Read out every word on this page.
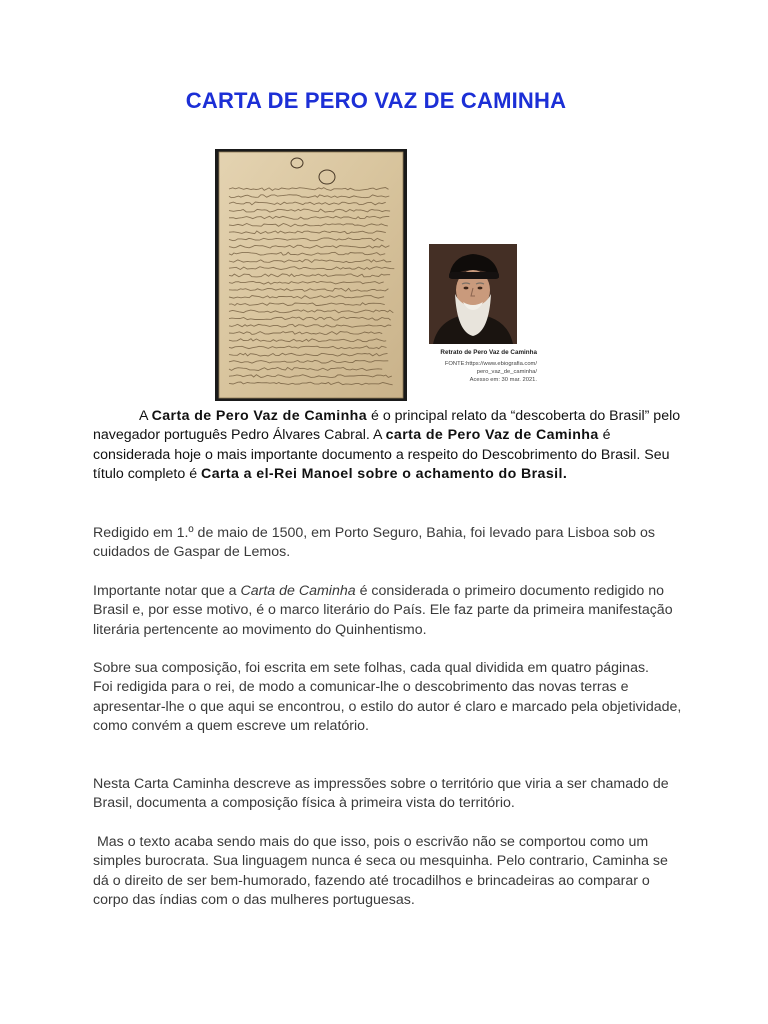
CARTA DE PERO VAZ DE CAMINHA
Retrato de Pero Vaz de Caminha
FONTE:https://www.ebiografia.com/
pero_vaz_de_caminha/
Acesso em: 30 mar. 2021.

A Carta de Pero Vaz de Caminha é o principal relato da “descoberta do Brasil” pelo navegador português Pedro Álvares Cabral. A carta de Pero Vaz de Caminha é considerada hoje o mais importante documento a respeito do Descobrimento do Brasil. Seu título completo é Carta a el-Rei Manoel sobre o achamento do Brasil.

Redigido em 1.º de maio de 1500, em Porto Seguro, Bahia, foi levado para Lisboa sob os cuidados de Gaspar de Lemos.

Importante notar que a Carta de Caminha é considerada o primeiro documento redigido no Brasil e, por esse motivo, é o marco literário do País. Ele faz parte da primeira manifestação literária pertencente ao movimento do Quinhentismo.

Sobre sua composição, foi escrita em sete folhas, cada qual dividida em quatro páginas.

Foi redigida para o rei, de modo a comunicar-lhe o descobrimento das novas terras e apresentar-lhe o que aqui se encontrou, o estilo do autor é claro e marcado pela objetividade, como convém a quem escreve um relatório.

Nesta Carta Caminha descreve as impressões sobre o território que viria a ser chamado de Brasil, documenta a composição física à primeira vista do território.

Mas o texto acaba sendo mais do que isso, pois o escrivão não se comportou como um simples burocrata. Sua linguagem nunca é seca ou mesquinha. Pelo contrario, Caminha se dá o direito de ser bem-humorado, fazendo até trocadilhos e brincadeiras ao comparar o corpo das índias com o das mulheres portuguesas.
